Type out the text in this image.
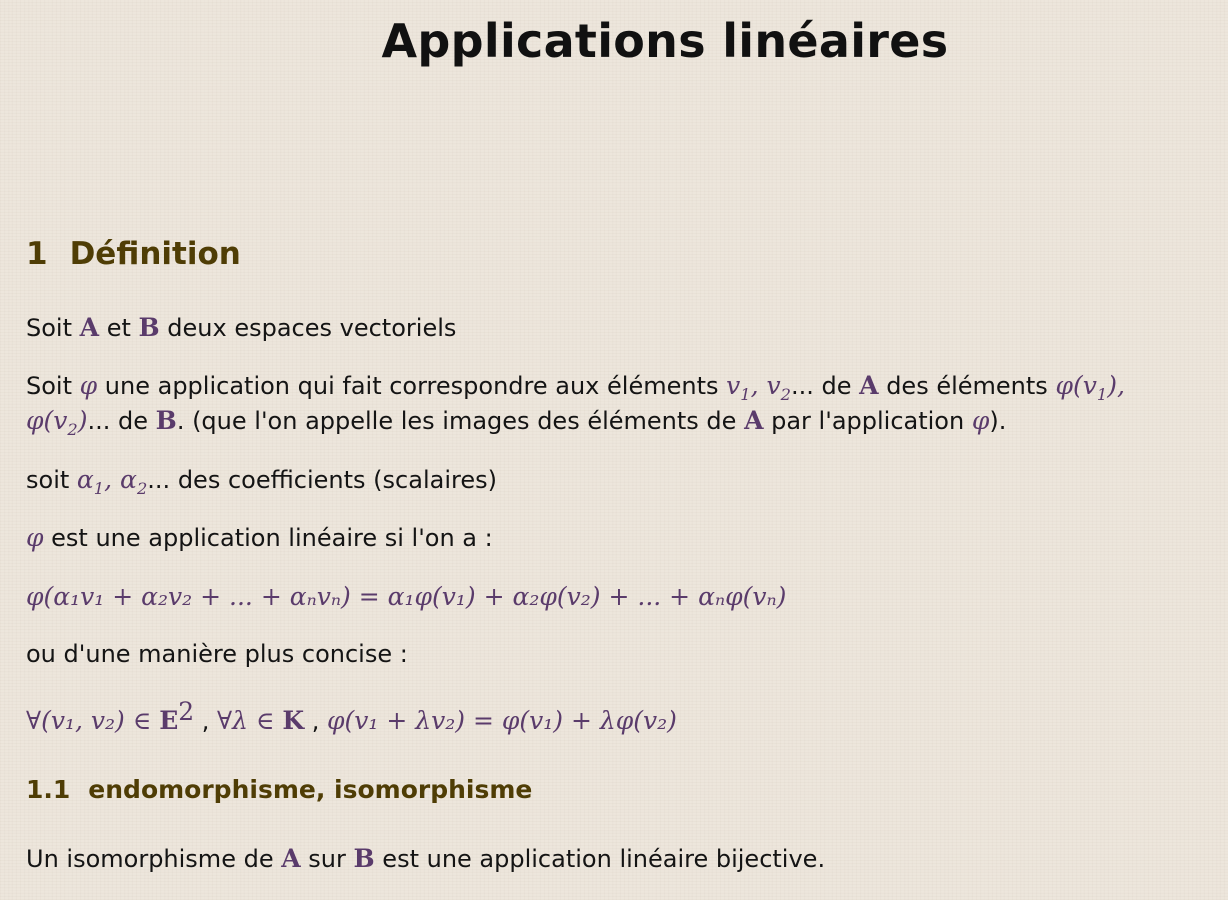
Applications linéaires
1 Définition

Soit A et B deux espaces vectoriels

Soit φ une application qui fait correspondre aux éléments $v_1$, $v_2$... de A des éléments $\varphi(v_1)$,

$\varphi(v_2)$... de B. (que l'on appelle les images des éléments de A par l'application φ).

soit $\alpha_1$, $\alpha_2$... des coefficients (scalaires)

φ est une application linéaire si l'on a :

φ(α₁v₁ + α₂v₂ + ... + αₙvₙ) = α₁φ(v₁) + α₂φ(v₂) + ... + αₙφ(vₙ)

ou d'une manière plus concise :

∀(v₁, v₂) ∈ $E^2$ , ∀λ ∈ K , φ(v₁ + λv₂) = φ(v₁) + λφ(v₂)

1.1 endomorphisme, isomorphisme

Un isomorphisme de A sur B est une application linéaire bijective.
